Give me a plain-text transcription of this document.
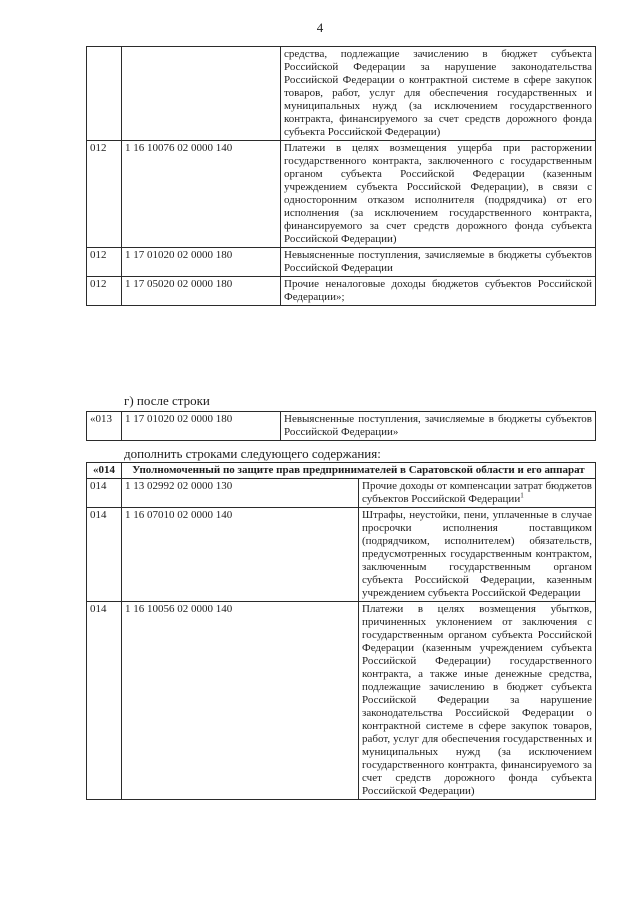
4
		средства, подлежащие зачислению в бюджет субъекта Российской Федерации за нарушение законодательства Российской Федерации о контрактной системе в сфере закупок товаров, работ, услуг для обеспечения государственных и муниципальных нужд (за исключением государственного контракта, финансируемого за счет средств дорожного фонда субъекта Российской Федерации)
012	1 16 10076 02 0000 140	Платежи в целях возмещения ущерба при расторжении государственного контракта, заключенного с государственным органом субъекта Российской Федерации (казенным учреждением субъекта Российской Федерации), в связи с односторонним отказом исполнителя (подрядчика) от его исполнения (за исключением государственного контракта, финансируемого за счет средств дорожного фонда субъекта Российской Федерации)
012	1 17 01020 02 0000 180	Невыясненные поступления, зачисляемые в бюджеты субъектов Российской Федерации
012	1 17 05020 02 0000 180	Прочие неналоговые доходы бюджетов субъектов Российской Федерации»;
г) после строки
«013	1 17 01020 02 0000 180	Невыясненные поступления, зачисляемые в бюджеты субъектов Российской Федерации»
дополнить строками следующего содержания:
«014	Уполномоченный по защите прав предпринимателей в Саратовской области и его аппарат	
014	1 13 02992 02 0000 130	Прочие доходы от компенсации затрат бюджетов субъектов Российской Федерации$^1$
014	1 16 07010 02 0000 140	Штрафы, неустойки, пени, уплаченные в случае просрочки исполнения поставщиком (подрядчиком, исполнителем) обязательств, предусмотренных государственным контрактом, заключенным государственным органом субъекта Российской Федерации, казенным учреждением субъекта Российской Федерации
014	1 16 10056 02 0000 140	Платежи в целях возмещения убытков, причиненных уклонением от заключения с государственным органом субъекта Российской Федерации (казенным учреждением субъекта Российской Федерации) государственного контракта, а также иные денежные средства, подлежащие зачислению в бюджет субъекта Российской Федерации за нарушение законодательства Российской Федерации о контрактной системе в сфере закупок товаров, работ, услуг для обеспечения государственных и муниципальных нужд (за исключением государственного контракта, финансируемого за счет средств дорожного фонда субъекта Российской Федерации)
